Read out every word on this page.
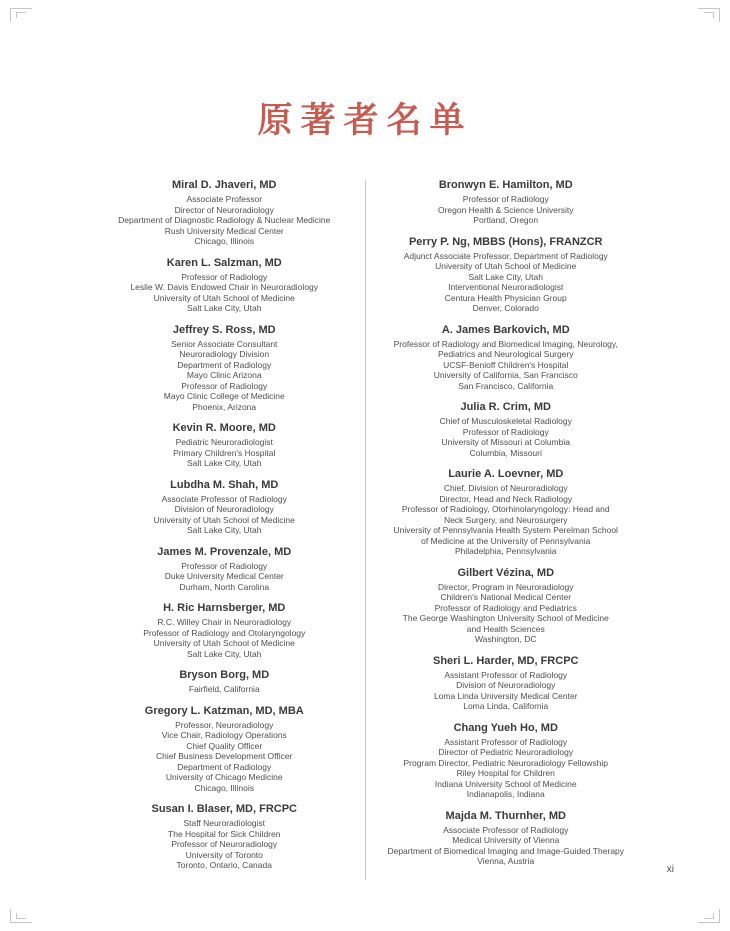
原著者名单
Miral D. Jhaveri, MD
Associate Professor
Director of Neuroradiology
Department of Diagnostic Radiology & Nuclear Medicine
Rush University Medical Center
Chicago, Illinois
Karen L. Salzman, MD
Professor of Radiology
Leslie W. Davis Endowed Chair in Neuroradiology
University of Utah School of Medicine
Salt Lake City, Utah
Jeffrey S. Ross, MD
Senior Associate Consultant
Neuroradiology Division
Department of Radiology
Mayo Clinic Arizona
Professor of Radiology
Mayo Clinic College of Medicine
Phoenix, Arizona
Kevin R. Moore, MD
Pediatric Neuroradiologist
Primary Children's Hospital
Salt Lake City, Utah
Lubdha M. Shah, MD
Associate Professor of Radiology
Division of Neuroradiology
University of Utah School of Medicine
Salt Lake City, Utah
James M. Provenzale, MD
Professor of Radiology
Duke University Medical Center
Durham, North Carolina
H. Ric Harnsberger, MD
R.C. Willey Chair in Neuroradiology
Professor of Radiology and Otolaryngology
University of Utah School of Medicine
Salt Lake City, Utah
Bryson Borg, MD
Fairfield, California
Gregory L. Katzman, MD, MBA
Professor, Neuroradiology
Vice Chair, Radiology Operations
Chief Quality Officer
Chief Business Development Officer
Department of Radiology
University of Chicago Medicine
Chicago, Illinois
Susan I. Blaser, MD, FRCPC
Staff Neuroradiologist
The Hospital for Sick Children
Professor of Neuroradiology
University of Toronto
Toronto, Ontario, Canada
Bronwyn E. Hamilton, MD
Professor of Radiology
Oregon Health & Science University
Portland, Oregon
Perry P. Ng, MBBS (Hons), FRANZCR
Adjunct Associate Professor, Department of Radiology
University of Utah School of Medicine
Salt Lake City, Utah
Interventional Neuroradiologist
Centura Health Physician Group
Denver, Colorado
A. James Barkovich, MD
Professor of Radiology and Biomedical Imaging, Neurology,
Pediatrics and Neurological Surgery
UCSF-Benioff Children's Hospital
University of California, San Francisco
San Francisco, California
Julia R. Crim, MD
Chief of Musculoskeletal Radiology
Professor of Radiology
University of Missouri at Columbia
Columbia, Missouri
Laurie A. Loevner, MD
Chief, Division of Neuroradiology
Director, Head and Neck Radiology
Professor of Radiology, Otorhinolaryngology: Head and
Neck Surgery, and Neurosurgery
University of Pennsylvania Health System Perelman School
of Medicine at the University of Pennsylvania
Philadelphia, Pennsylvania
Gilbert Vézina, MD
Director, Program in Neuroradiology
Children's National Medical Center
Professor of Radiology and Pediatrics
The George Washington University School of Medicine
and Health Sciences
Washington, DC
Sheri L. Harder, MD, FRCPC
Assistant Professor of Radiology
Division of Neuroradiology
Loma Linda University Medical Center
Loma Linda, California
Chang Yueh Ho, MD
Assistant Professor of Radiology
Director of Pediatric Neuroradiology
Program Director, Pediatric Neuroradiology Fellowship
Riley Hospital for Children
Indiana University School of Medicine
Indianapolis, Indiana
Majda M. Thurnher, MD
Associate Professor of Radiology
Medical University of Vienna
Department of Biomedical Imaging and Image-Guided Therapy
Vienna, Austria
xi
